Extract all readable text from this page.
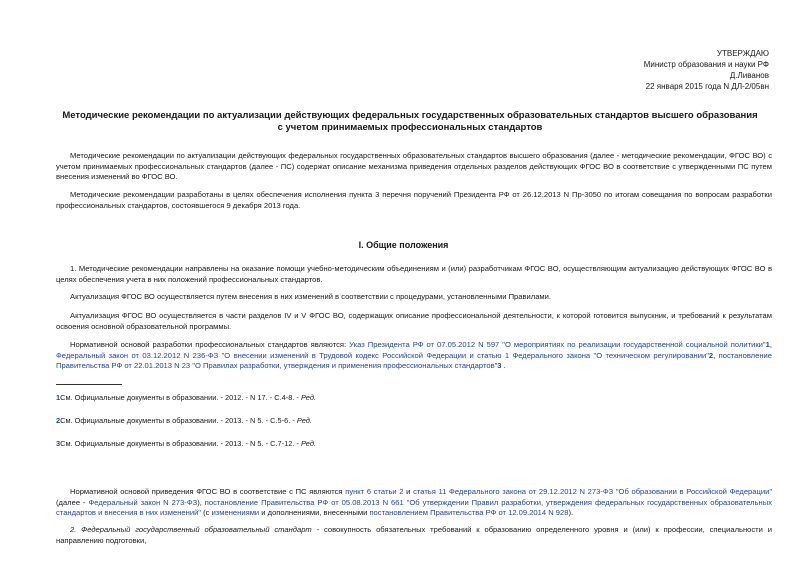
УТВЕРЖДАЮ
Министр образования и науки РФ
Д.Ливанов
22 января 2015 года N ДЛ-2/05вн
Методические рекомендации по актуализации действующих федеральных государственных образовательных стандартов высшего образования с учетом принимаемых профессиональных стандартов
Методические рекомендации по актуализации действующих федеральных государственных образовательных стандартов высшего образования (далее - методические рекомендации, ФГОС ВО) с учетом принимаемых профессиональных стандартов (далее - ПС) содержат описание механизма приведения отдельных разделов действующих ФГОС ВО в соответствие с утвержденными ПС путем внесения изменений во ФГОС ВО.
Методические рекомендации разработаны в целях обеспечения исполнения пункта 3 перечня поручений Президента РФ от 26.12.2013 N Пр-3050 по итогам совещания по вопросам разработки профессиональных стандартов, состоявшегося 9 декабря 2013 года.
I. Общие положения
1. Методические рекомендации направлены на оказание помощи учебно-методическим объединениям и (или) разработчикам ФГОС ВО, осуществляющим актуализацию действующих ФГОС ВО в целях обеспечения учета в них положений профессиональных стандартов.
Актуализация ФГОС ВО осуществляется путем внесения в них изменений в соответствии с процедурами, установленными Правилами.
Актуализация ФГОС ВО осуществляется в части разделов IV и V ФГОС ВО, содержащих описание профессиональной деятельности, к которой готовится выпускник, и требований к результатам освоения основной образовательной программы.
Нормативной основой разработки профессиональных стандартов являются: Указ Президента РФ от 07.05.2012 N 597 "О мероприятиях по реализации государственной социальной политики"1, Федеральный закон от 03.12.2012 N 236-ФЗ "О внесении изменений в Трудовой кодекс Российской Федерации и статью 1 Федерального закона "О техническом регулировании"2, постановление Правительства РФ от 22.01.2013 N 23 "О Правилах разработки, утверждения и применения профессиональных стандартов"3 .
1См. Официальные документы в образовании. - 2012. - N 17. - С.4-8. - Ред.
2См. Официальные документы в образовании. - 2013. - N 5. - С.5-6. - Ред.
3См. Официальные документы в образовании. - 2013. - N 5. - С.7-12. - Ред.
Нормативной основой приведения ФГОС ВО в соответствие с ПС являются пункт 6 статьи 2 и статья 11 Федерального закона от 29.12.2012 N 273-ФЗ "Об образовании в Российской Федерации" (далее - Федеральный закон N 273-ФЗ), постановление Правительства РФ от 05.08.2013 N 661 "Об утверждении Правил разработки, утверждения федеральных государственных образовательных стандартов и внесения в них изменений" (с изменениями и дополнениями, внесенными постановлением Правительства РФ от 12.09.2014 N 928).
2. Федеральный государственный образовательный стандарт - совокупность обязательных требований к образованию определенного уровня и (или) к профессии, специальности и направлению подготовки,
